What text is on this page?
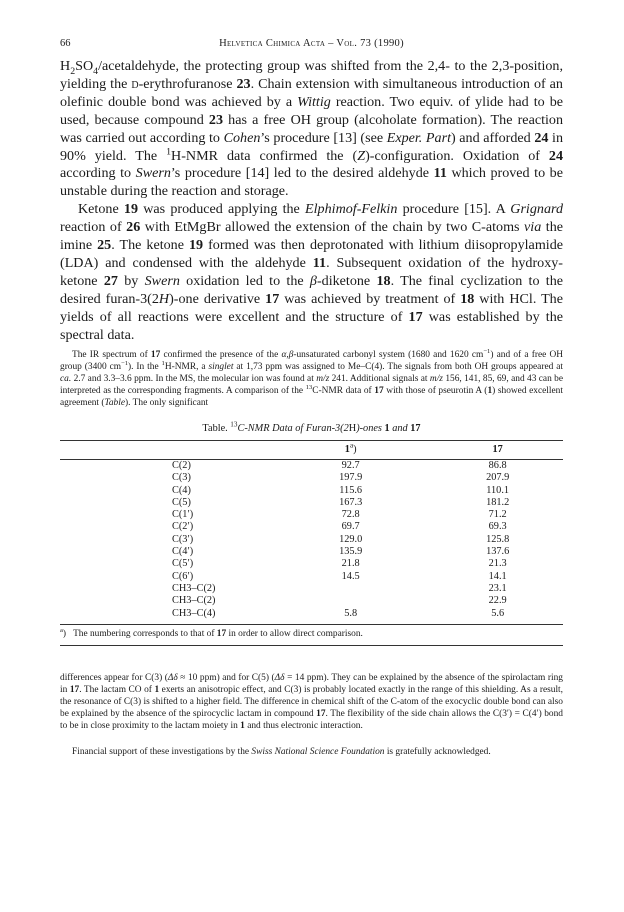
66	Helvetica Chimica Acta – Vol. 73 (1990)

$H_2SO_4$/acetaldehyde, the protecting group was shifted from the 2,4- to the 2,3-position, yielding the d-erythrofuranose 23. Chain extension with simultaneous introduction of an olefinic double bond was achieved by a Wittig reaction. Two equiv. of ylide had to be used, because compound 23 has a free OH group (alcoholate formation). The reaction was carried out according to Cohen’s procedure [13] (see Exper. Part) and afforded 24 in 90% yield. The $^1$H-NMR data confirmed the (Z)-configuration. Oxidation of 24 according to Swern’s procedure [14] led to the desired aldehyde 11 which proved to be unstable during the reaction and storage.

Ketone 19 was produced applying the Elphimof-Felkin procedure [15]. A Grignard reaction of 26 with EtMgBr allowed the extension of the chain by two C-atoms via the imine 25. The ketone 19 formed was then deprotonated with lithium diisopropylamide (LDA) and condensed with the aldehyde 11. Subsequent oxidation of the hydroxy-ketone 27 by Swern oxidation led to the β-diketone 18. The final cyclization to the desired furan-3(2H)-one derivative 17 was achieved by treatment of 18 with HCl. The yields of all reactions were excellent and the structure of 17 was established by the spectral data.

The IR spectrum of 17 confirmed the presence of the α,β-unsaturated carbonyl system (1680 and 1620 $cm^{-1}$) and of a free OH group (3400 $cm^{-1}$). In the $^1$H-NMR, a singlet at 1,73 ppm was assigned to Me–C(4). The signals from both OH groups appeared at ca. 2.7 and 3.3–3.6 ppm. In the MS, the molecular ion was found at m/z 241. Additional signals at m/z 156, 141, 85, 69, and 43 can be interpreted as the corresponding fragments. A comparison of the $^{13}$C-NMR data of 17 with those of pseurotin A (1) showed excellent agreement (Table). The only significant

Table. $^{13}$C-NMR Data of Furan-3(2H)-ones 1 and 17
	1$^a$)	17
C(2)	92.7	86.8
C(3)	197.9	207.9
C(4)	115.6	110.1
C(5)	167.3	181.2
C(1′)	72.8	71.2
C(2′)	69.7	69.3
C(3′)	129.0	125.8
C(4′)	135.9	137.6
C(5′)	21.8	21.3
C(6′)	14.5	14.1
CH3–C(2)		23.1
CH3–C(2)		22.9
CH3–C(4)	5.8	5.6
$^a$)   The numbering corresponds to that of 17 in order to allow direct comparison.

differences appear for C(3) (Δδ ≈ 10 ppm) and for C(5) (Δδ = 14 ppm). They can be explained by the absence of the spirolactam ring in 17. The lactam CO of 1 exerts an anisotropic effect, and C(3) is probably located exactly in the range of this shielding. As a result, the resonance of C(3) is shifted to a higher field. The difference in chemical shift of the C-atom of the exocyclic double bond can also be explained by the absence of the spirocyclic lactam in compound 17. The flexibility of the side chain allows the C(3′) = C(4′) bond to be in close proximity to the lactam moiety in 1 and thus electronic interaction.

Financial support of these investigations by the Swiss National Science Foundation is gratefully acknowledged.
